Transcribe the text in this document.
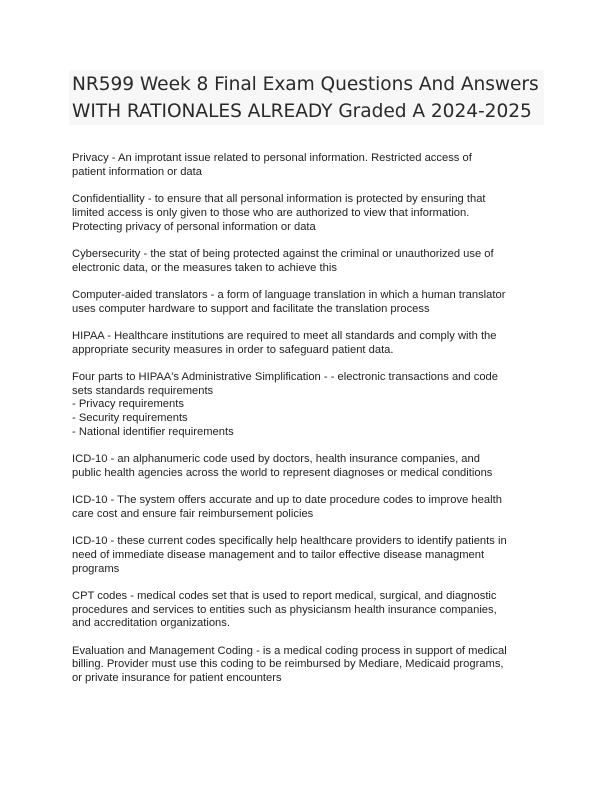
NR599 Week 8 Final Exam Questions And Answers
WITH RATIONALES ALREADY Graded A 2024-2025
Privacy - An improtant issue related to personal information. Restricted access of
patient information or data
Confidentiallity - to ensure that all personal information is protected by ensuring that
limited access is only given to those who are authorized to view that information.
Protecting privacy of personal information or data
Cybersecurity - the stat of being protected against the criminal or unauthorized use of
electronic data, or the measures taken to achieve this
Computer-aided translators - a form of language translation in which a human translator
uses computer hardware to support and facilitate the translation process
HIPAA - Healthcare institutions are required to meet all standards and comply with the
appropriate security measures in order to safeguard patient data.
Four parts to HIPAA's Administrative Simplification - - electronic transactions and code
sets standards requirements
- Privacy requirements
- Security requirements
- National identifier requirements
ICD-10 - an alphanumeric code used by doctors, health insurance companies, and
public health agencies across the world to represent diagnoses or medical conditions
ICD-10 - The system offers accurate and up to date procedure codes to improve health
care cost and ensure fair reimbursement policies
ICD-10 - these current codes specifically help healthcare providers to identify patients in
need of immediate disease management and to tailor effective disease managment
programs
CPT codes - medical codes set that is used to report medical, surgical, and diagnostic
procedures and services to entities such as physiciansm health insurance companies,
and accreditation organizations.
Evaluation and Management Coding - is a medical coding process in support of medical
billing. Provider must use this coding to be reimbursed by Mediare, Medicaid programs,
or private insurance for patient encounters
